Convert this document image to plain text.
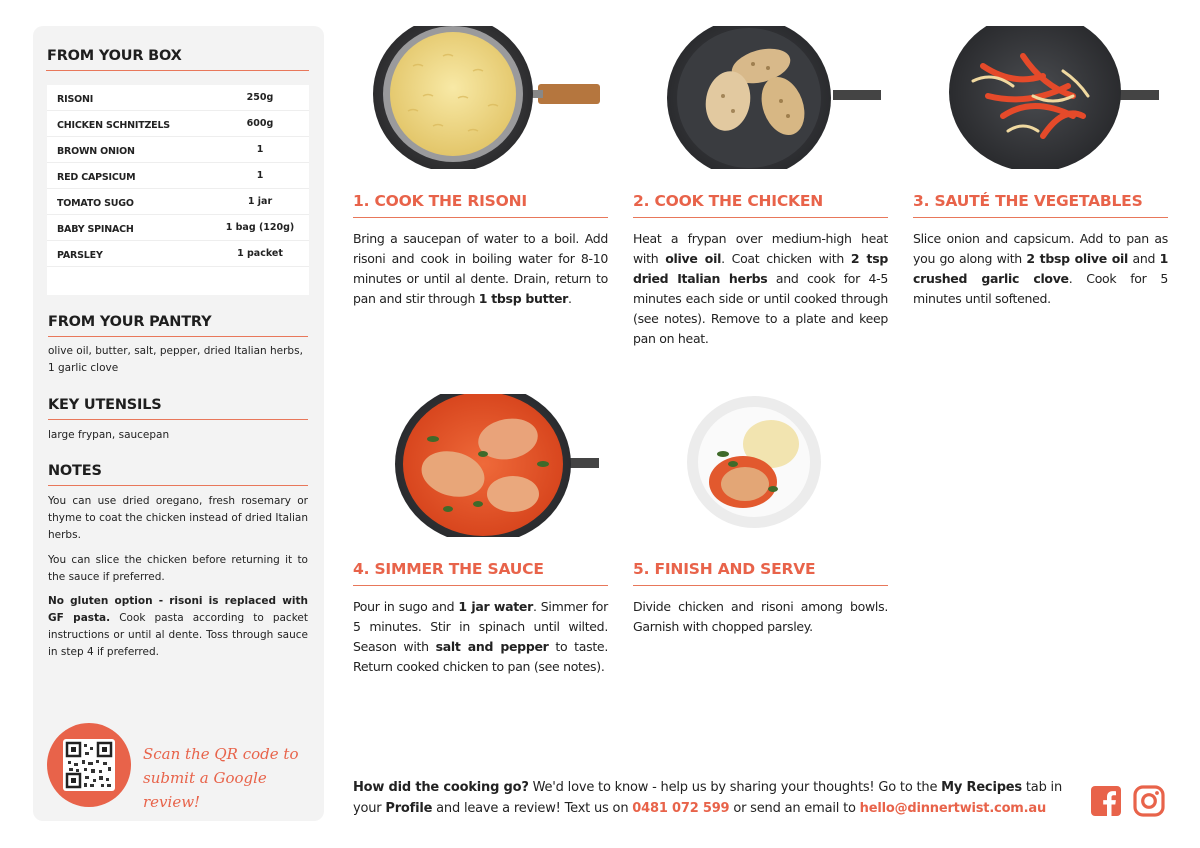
FROM YOUR BOX
RISONI	250g
CHICKEN SCHNITZELS	600g
BROWN ONION	1
RED CAPSICUM	1
TOMATO SUGO	1 jar
BABY SPINACH	1 bag (120g)
PARSLEY	1 packet
FROM YOUR PANTRY
olive oil, butter, salt, pepper, dried Italian herbs, 1 garlic clove
KEY UTENSILS
large frypan, saucepan
NOTES
You can use dried oregano, fresh rosemary or thyme to coat the chicken instead of dried Italian herbs.
You can slice the chicken before returning it to the sauce if preferred.
No gluten option - risoni is replaced with GF pasta. Cook pasta according to packet instructions or until al dente. Toss through sauce in step 4 if preferred.
Scan the QR code to
submit a Google review!
1. COOK THE RISONI
Bring a saucepan of water to a boil. Add risoni and cook in boiling water for 8-10 minutes or until al dente. Drain, return to pan and stir through 1 tbsp butter.
2. COOK THE CHICKEN
Heat a frypan over medium-high heat with olive oil. Coat chicken with 2 tsp dried Italian herbs and cook for 4-5 minutes each side or until cooked through (see notes). Remove to a plate and keep pan on heat.
3. SAUTÉ THE VEGETABLES
Slice onion and capsicum. Add to pan as you go along with 2 tbsp olive oil and 1 crushed garlic clove. Cook for 5 minutes until softened.
4. SIMMER THE SAUCE
Pour in sugo and 1 jar water. Simmer for 5 minutes. Stir in spinach until wilted. Season with salt and pepper to taste. Return cooked chicken to pan (see notes).
5. FINISH AND SERVE
Divide chicken and risoni among bowls. Garnish with chopped parsley.
How did the cooking go? We'd love to know - help us by sharing your thoughts! Go to the My Recipes tab in your Profile and leave a review! Text us on 0481 072 599 or send an email to hello@dinnertwist.com.au
